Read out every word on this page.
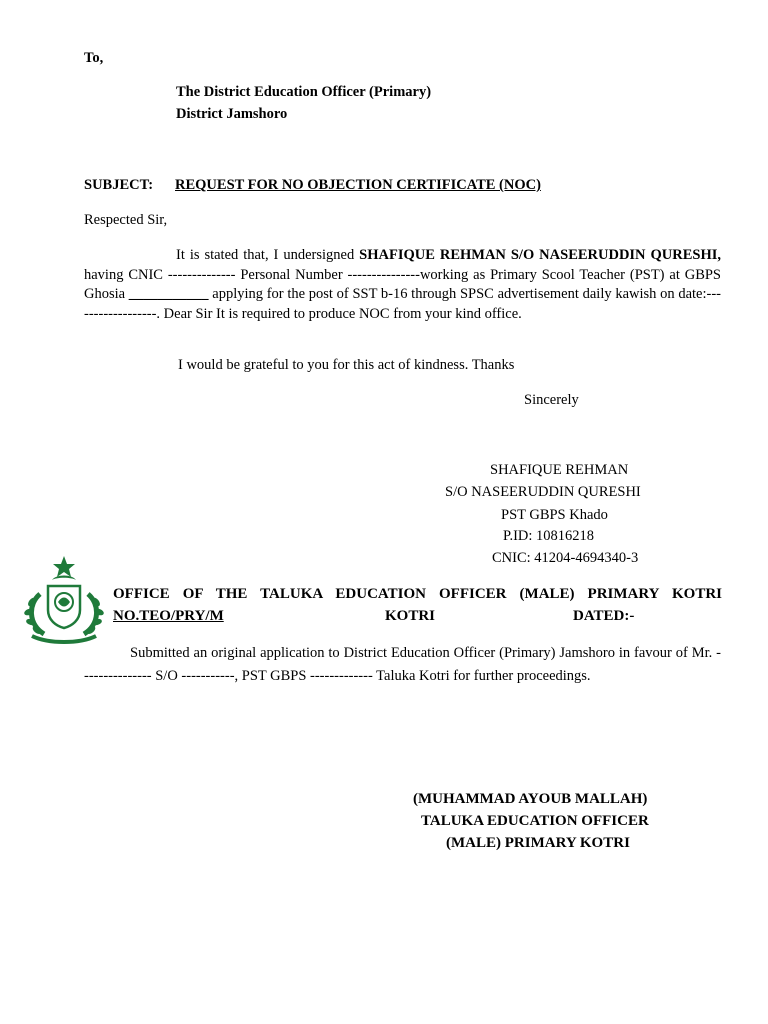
To,
The District Education Officer (Primary)
District Jamshoro
SUBJECT: REQUEST FOR NO OBJECTION CERTIFICATE (NOC)
Respected Sir,
It is stated that, I undersigned SHAFIQUE REHMAN S/O NASEERUDDIN QURESHI, having CNIC -------------- Personal Number ---------------working as Primary Scool Teacher (PST) at GBPS Ghosia ___________ applying for the post of SST b-16 through SPSC advertisement daily kawish on date:------------------. Dear Sir It is required to produce NOC from your kind office.
I would be grateful to you for this act of kindness. Thanks
Sincerely
SHAFIQUE REHMAN
S/O NASEERUDDIN QURESHI
PST GBPS Khado
P.ID: 10816218
CNIC: 41204-4694340-3
OFFICE OF THE TALUKA EDUCATION OFFICER (MALE) PRIMARY KOTRI
NO.TEO/PRY/M	KOTRI	DATED:-
Submitted an original application to District Education Officer (Primary) Jamshoro in favour of Mr. --------------- S/O -----------, PST GBPS ------------- Taluka Kotri for further proceedings.
(MUHAMMAD AYOUB MALLAH)
TALUKA EDUCATION OFFICER
(MALE) PRIMARY KOTRI
